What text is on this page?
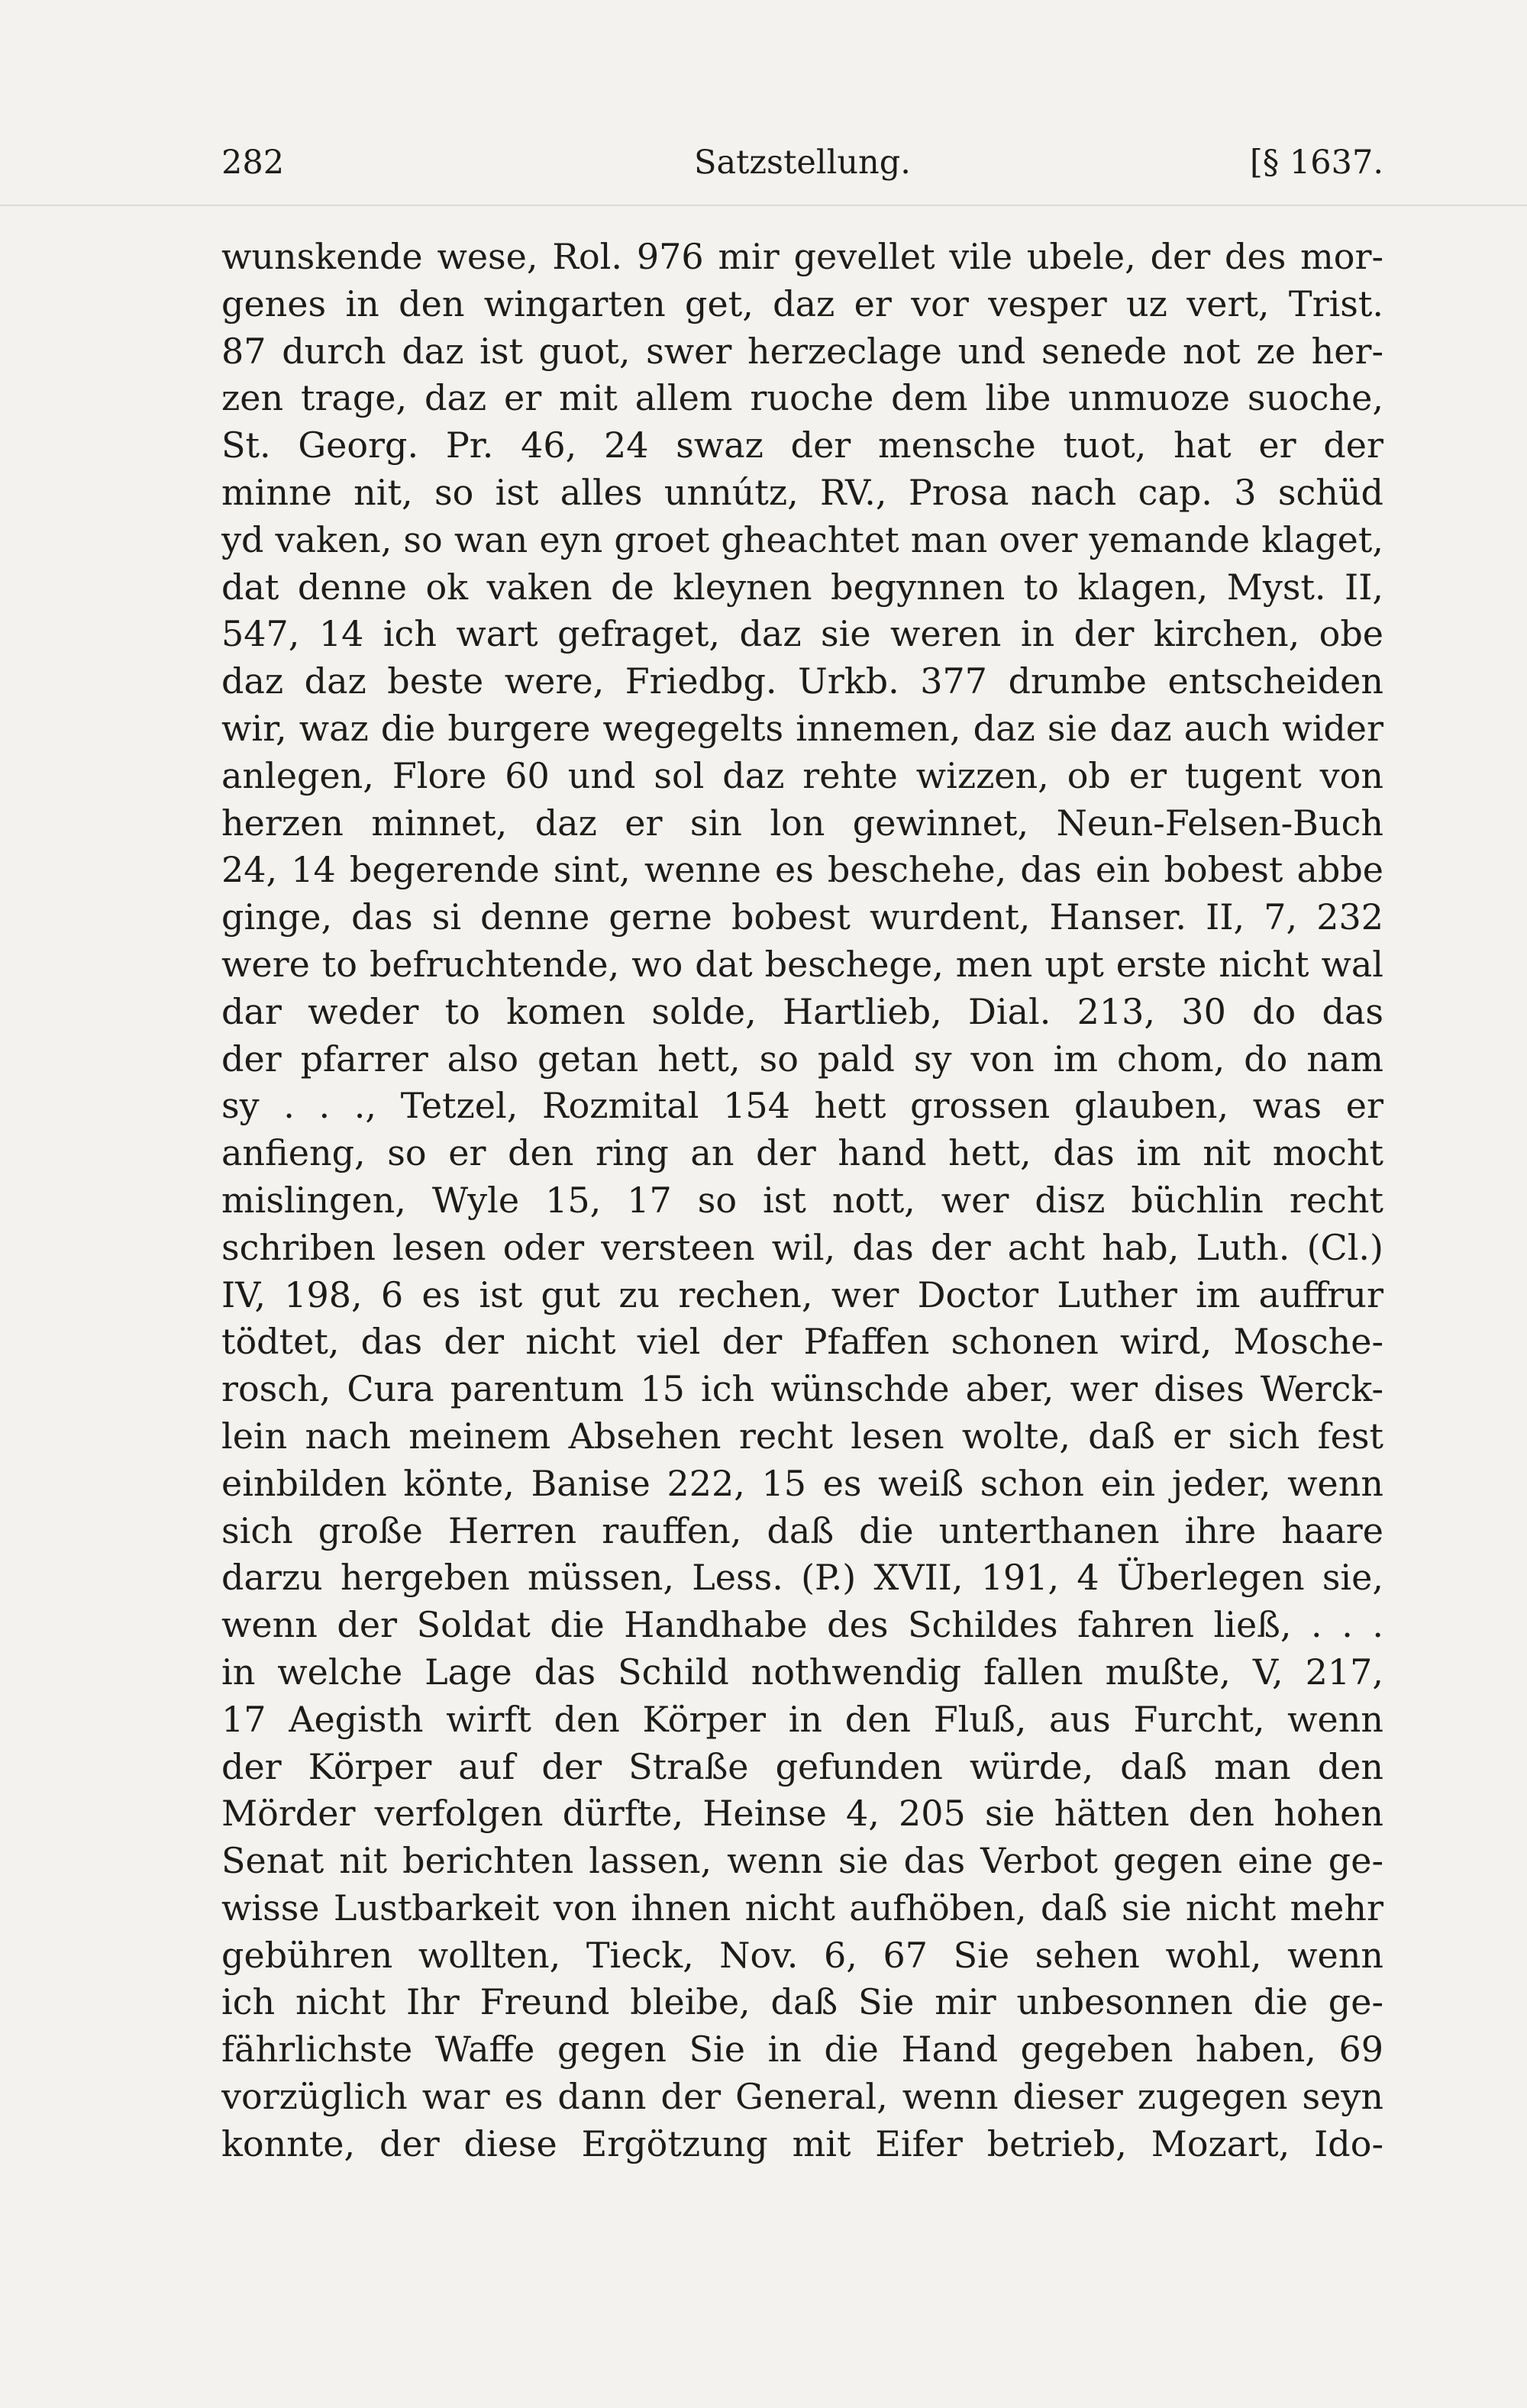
282	Satzstellung.	[§ 1637.
wunskende wese, Rol. 976 mir gevellet vile ubele, der des mor-
genes in den wingarten get, daz er vor vesper uz vert, Trist.
87 durch daz ist guot, swer herzeclage und senede not ze her-
zen trage, daz er mit allem ruoche dem libe unmuoze suoche,
St. Georg. Pr. 46, 24 swaz der mensche tuot, hat er der
minne nit, so ist alles unnútz, RV., Prosa nach cap. 3 schüd
yd vaken, so wan eyn groet gheachtet man over yemande klaget,
dat denne ok vaken de kleynen begynnen to klagen, Myst. II,
547, 14 ich wart gefraget, daz sie weren in der kirchen, obe
daz daz beste were, Friedbg. Urkb. 377 drumbe entscheiden
wir, waz die burgere wegegelts innemen, daz sie daz auch wider
anlegen, Flore 60 und sol daz rehte wizzen, ob er tugent von
herzen minnet, daz er sin lon gewinnet, Neun-Felsen-Buch
24, 14 begerende sint, wenne es beschehe, das ein bobest abbe
ginge, das si denne gerne bobest wurdent, Hanser. II, 7, 232
were to befruchtende, wo dat beschege, men upt erste nicht wal
dar weder to komen solde, Hartlieb, Dial. 213, 30 do das
der pfarrer also getan hett, so pald sy von im chom, do nam
sy . . ., Tetzel, Rozmital 154 hett grossen glauben, was er
anfieng, so er den ring an der hand hett, das im nit mocht
mislingen, Wyle 15, 17 so ist nott, wer disz büchlin recht
schriben lesen oder versteen wil, das der acht hab, Luth. (Cl.)
IV, 198, 6 es ist gut zu rechen, wer Doctor Luther im auffrur
tödtet, das der nicht viel der Pfaffen schonen wird, Mosche-
rosch, Cura parentum 15 ich wünschde aber, wer dises Werck-
lein nach meinem Absehen recht lesen wolte, daß er sich fest
einbilden könte, Banise 222, 15 es weiß schon ein jeder, wenn
sich große Herren rauffen, daß die unterthanen ihre haare
darzu hergeben müssen, Less. (P.) XVII, 191, 4 Überlegen sie,
wenn der Soldat die Handhabe des Schildes fahren ließ, . . .
in welche Lage das Schild nothwendig fallen mußte, V, 217,
17 Aegisth wirft den Körper in den Fluß, aus Furcht, wenn
der Körper auf der Straße gefunden würde, daß man den
Mörder verfolgen dürfte, Heinse 4, 205 sie hätten den hohen
Senat nit berichten lassen, wenn sie das Verbot gegen eine ge-
wisse Lustbarkeit von ihnen nicht aufhöben, daß sie nicht mehr
gebühren wollten, Tieck, Nov. 6, 67 Sie sehen wohl, wenn
ich nicht Ihr Freund bleibe, daß Sie mir unbesonnen die ge-
fährlichste Waffe gegen Sie in die Hand gegeben haben, 69
vorzüglich war es dann der General, wenn dieser zugegen seyn
konnte, der diese Ergötzung mit Eifer betrieb, Mozart, Ido-
